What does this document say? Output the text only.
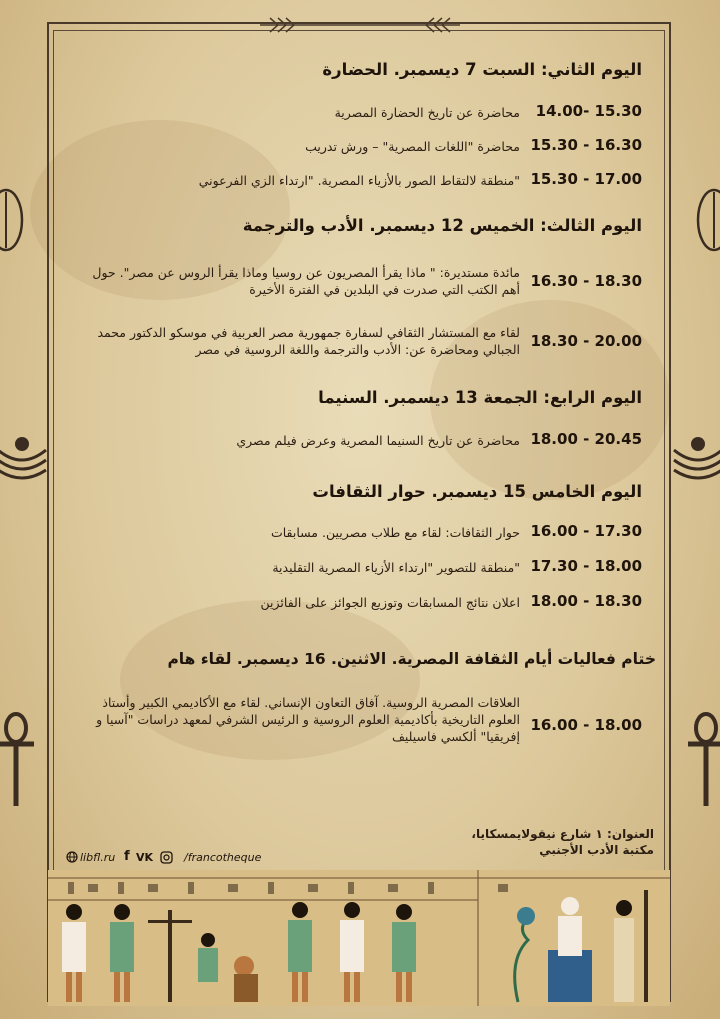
اليوم الثاني: السبت 7 ديسمبر. الحضارة
14.00- 15.30
محاضرة عن تاريخ الحضارة المصرية
15.30 - 16.30
محاضرة "اللغات المصرية" – ورش تدريب
15.30 - 17.00
"منطقة لالتقاط الصور بالأزياء المصرية. "ارتداء الزي الفرعوني
اليوم الثالث: الخميس 12 ديسمبر. الأدب والترجمة
16.30 - 18.30
مائدة مستديرة: " ماذا يقرأ المصريون عن روسيا وماذا يقرأ الروس عن مصر". حول أهم الكتب التي صدرت في البلدين في الفترة الأخيرة
18.30 - 20.00
لقاء مع المستشار الثقافي لسفارة جمهورية مصر العربية في موسكو الدكتور محمد الجبالي ومحاضرة عن: الأدب والترجمة واللغة الروسية في مصر
اليوم الرابع: الجمعة 13 ديسمبر. السنيما
18.00 - 20.45
محاضرة عن تاريخ السنيما المصرية وعرض فيلم مصري
اليوم الخامس 15 ديسمبر. حوار الثقافات
16.00 - 17.30
حوار الثقافات: لقاء مع طلاب مصريين. مسابقات
17.30 - 18.00
"منطقة للتصوير "ارتداء الأزياء المصرية التقليدية
18.00 - 18.30
اعلان نتائج المسابقات وتوزيع الجوائز على الفائزين
ختام فعاليات أيام الثقافة المصرية. الاثنين. 16 ديسمبر. لقاء هام
16.00 - 18.00
العلاقات المصرية الروسية. آفاق التعاون الإنساني. لقاء مع الأكاديمي الكبير وأستاذ العلوم التاريخية بأكاديمية العلوم الروسية و الرئيس الشرفي لمعهد دراسات "آسيا و إفريقيا" ألكسي فاسيليف
العنوان: ١ شارع نيقولايمسكايا،
مكتبة الأدب الأجنبي
libfl.ru f VK	/francotheque
